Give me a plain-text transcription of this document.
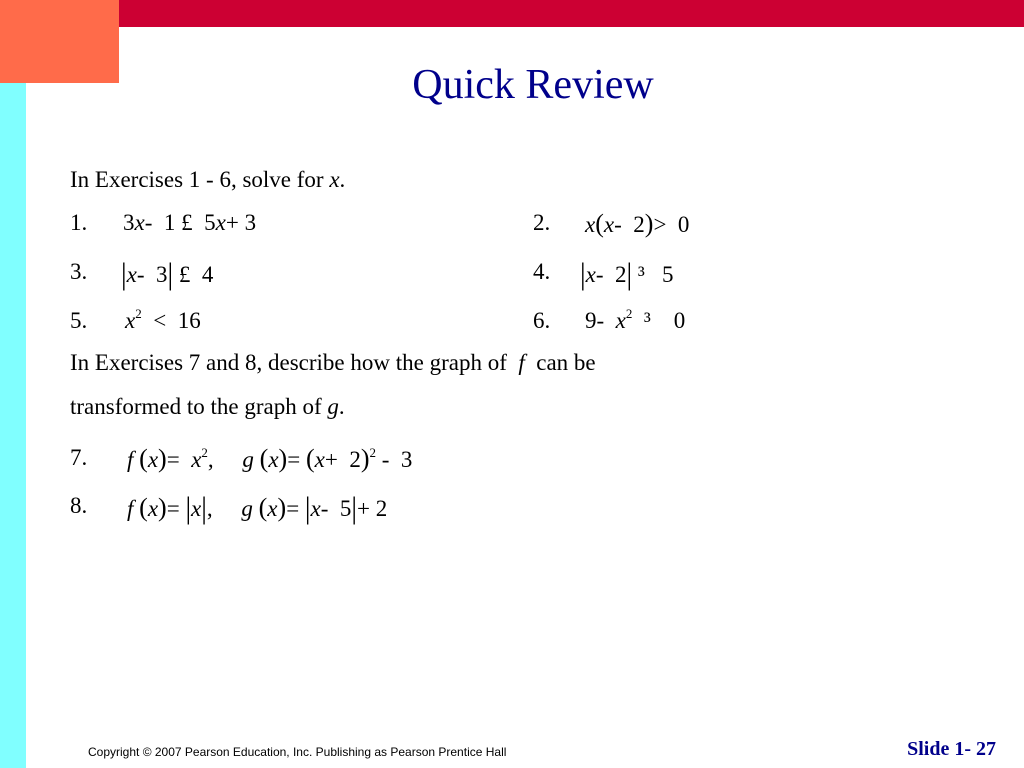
Quick Review
In Exercises 1 - 6, solve for x.
1. 3x-  1 £  5x+ 3	2. x(x-  2)>  0
3. |x-  3| £  4	4. |x-  2| ³   5
5. $x^2 < 16$	6. 9-  $x^2$  ³    0
In Exercises 7 and 8, describe how the graph of f can be
transformed to the graph of g.
7. f $(x)= x^2$,     g $(x)= (x+ 2)^2 - 3$
8. f (x)= |x|,     g (x)= |x-  5|+ 2
Copyright © 2007 Pearson Education, Inc. Publishing as Pearson Prentice Hall	Slide 1- 27
